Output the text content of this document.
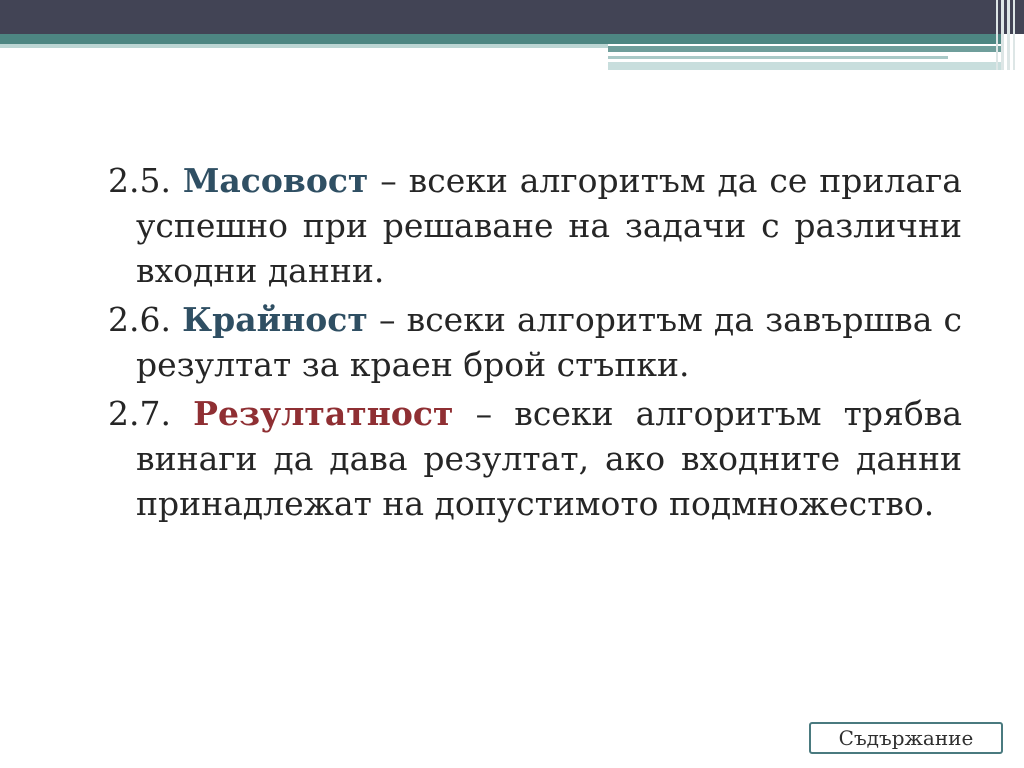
2.5. Масовост – всеки алгоритъм да се прилага успешно при решаване на задачи с различни входни данни.

2.6. Крайност – всеки алгоритъм да завършва с резултат за краен брой стъпки.

2.7. Резултатност – всеки алгоритъм трябва винаги да дава резултат, ако входните данни принадлежат на допустимото подмножество.

Съдържание
